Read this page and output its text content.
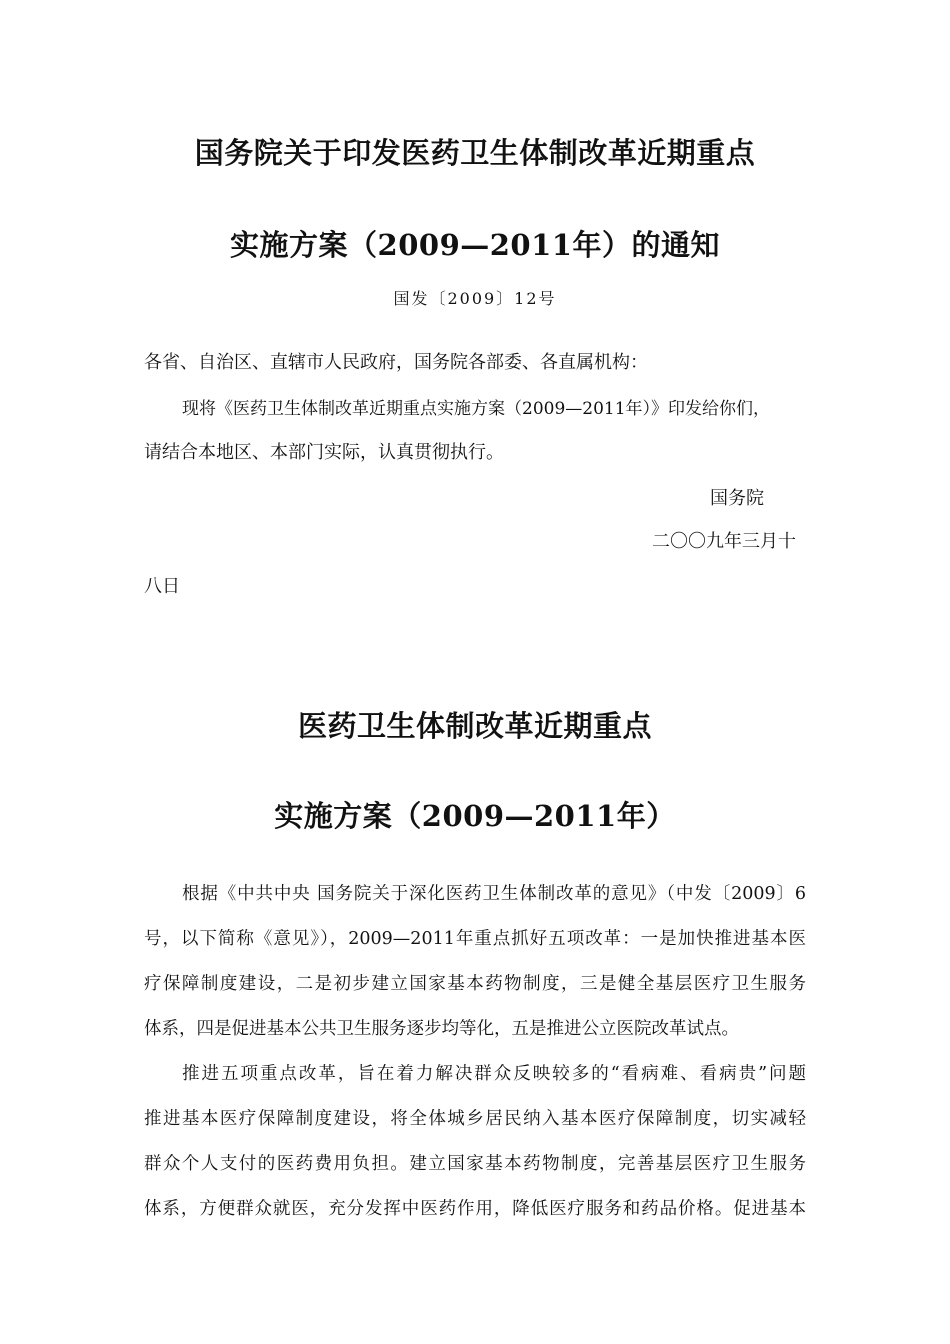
国务院关于印发医药卫生体制改革近期重点
实施方案（2009—2011年）的通知
国发〔2009〕12号
各省、自治区、直辖市人民政府，国务院各部委、各直属机构：
现将《医药卫生体制改革近期重点实施方案（2009—2011年）》印发给你们，
请结合本地区、本部门实际，认真贯彻执行。
国务院
二〇〇九年三月十
八日
医药卫生体制改革近期重点
实施方案（2009—2011年）
根据《中共中央 国务院关于深化医药卫生体制改革的意见》（中发〔2009〕6
号，以下简称《意见》），2009—2011年重点抓好五项改革：一是加快推进基本医
疗保障制度建设，二是初步建立国家基本药物制度，三是健全基层医疗卫生服务
体系，四是促进基本公共卫生服务逐步均等化，五是推进公立医院改革试点。
推进五项重点改革，旨在着力解决群众反映较多的“看病难、看病贵”问题
推进基本医疗保障制度建设，将全体城乡居民纳入基本医疗保障制度，切实减轻
群众个人支付的医药费用负担。建立国家基本药物制度，完善基层医疗卫生服务
体系，方便群众就医，充分发挥中医药作用，降低医疗服务和药品价格。促进基本
